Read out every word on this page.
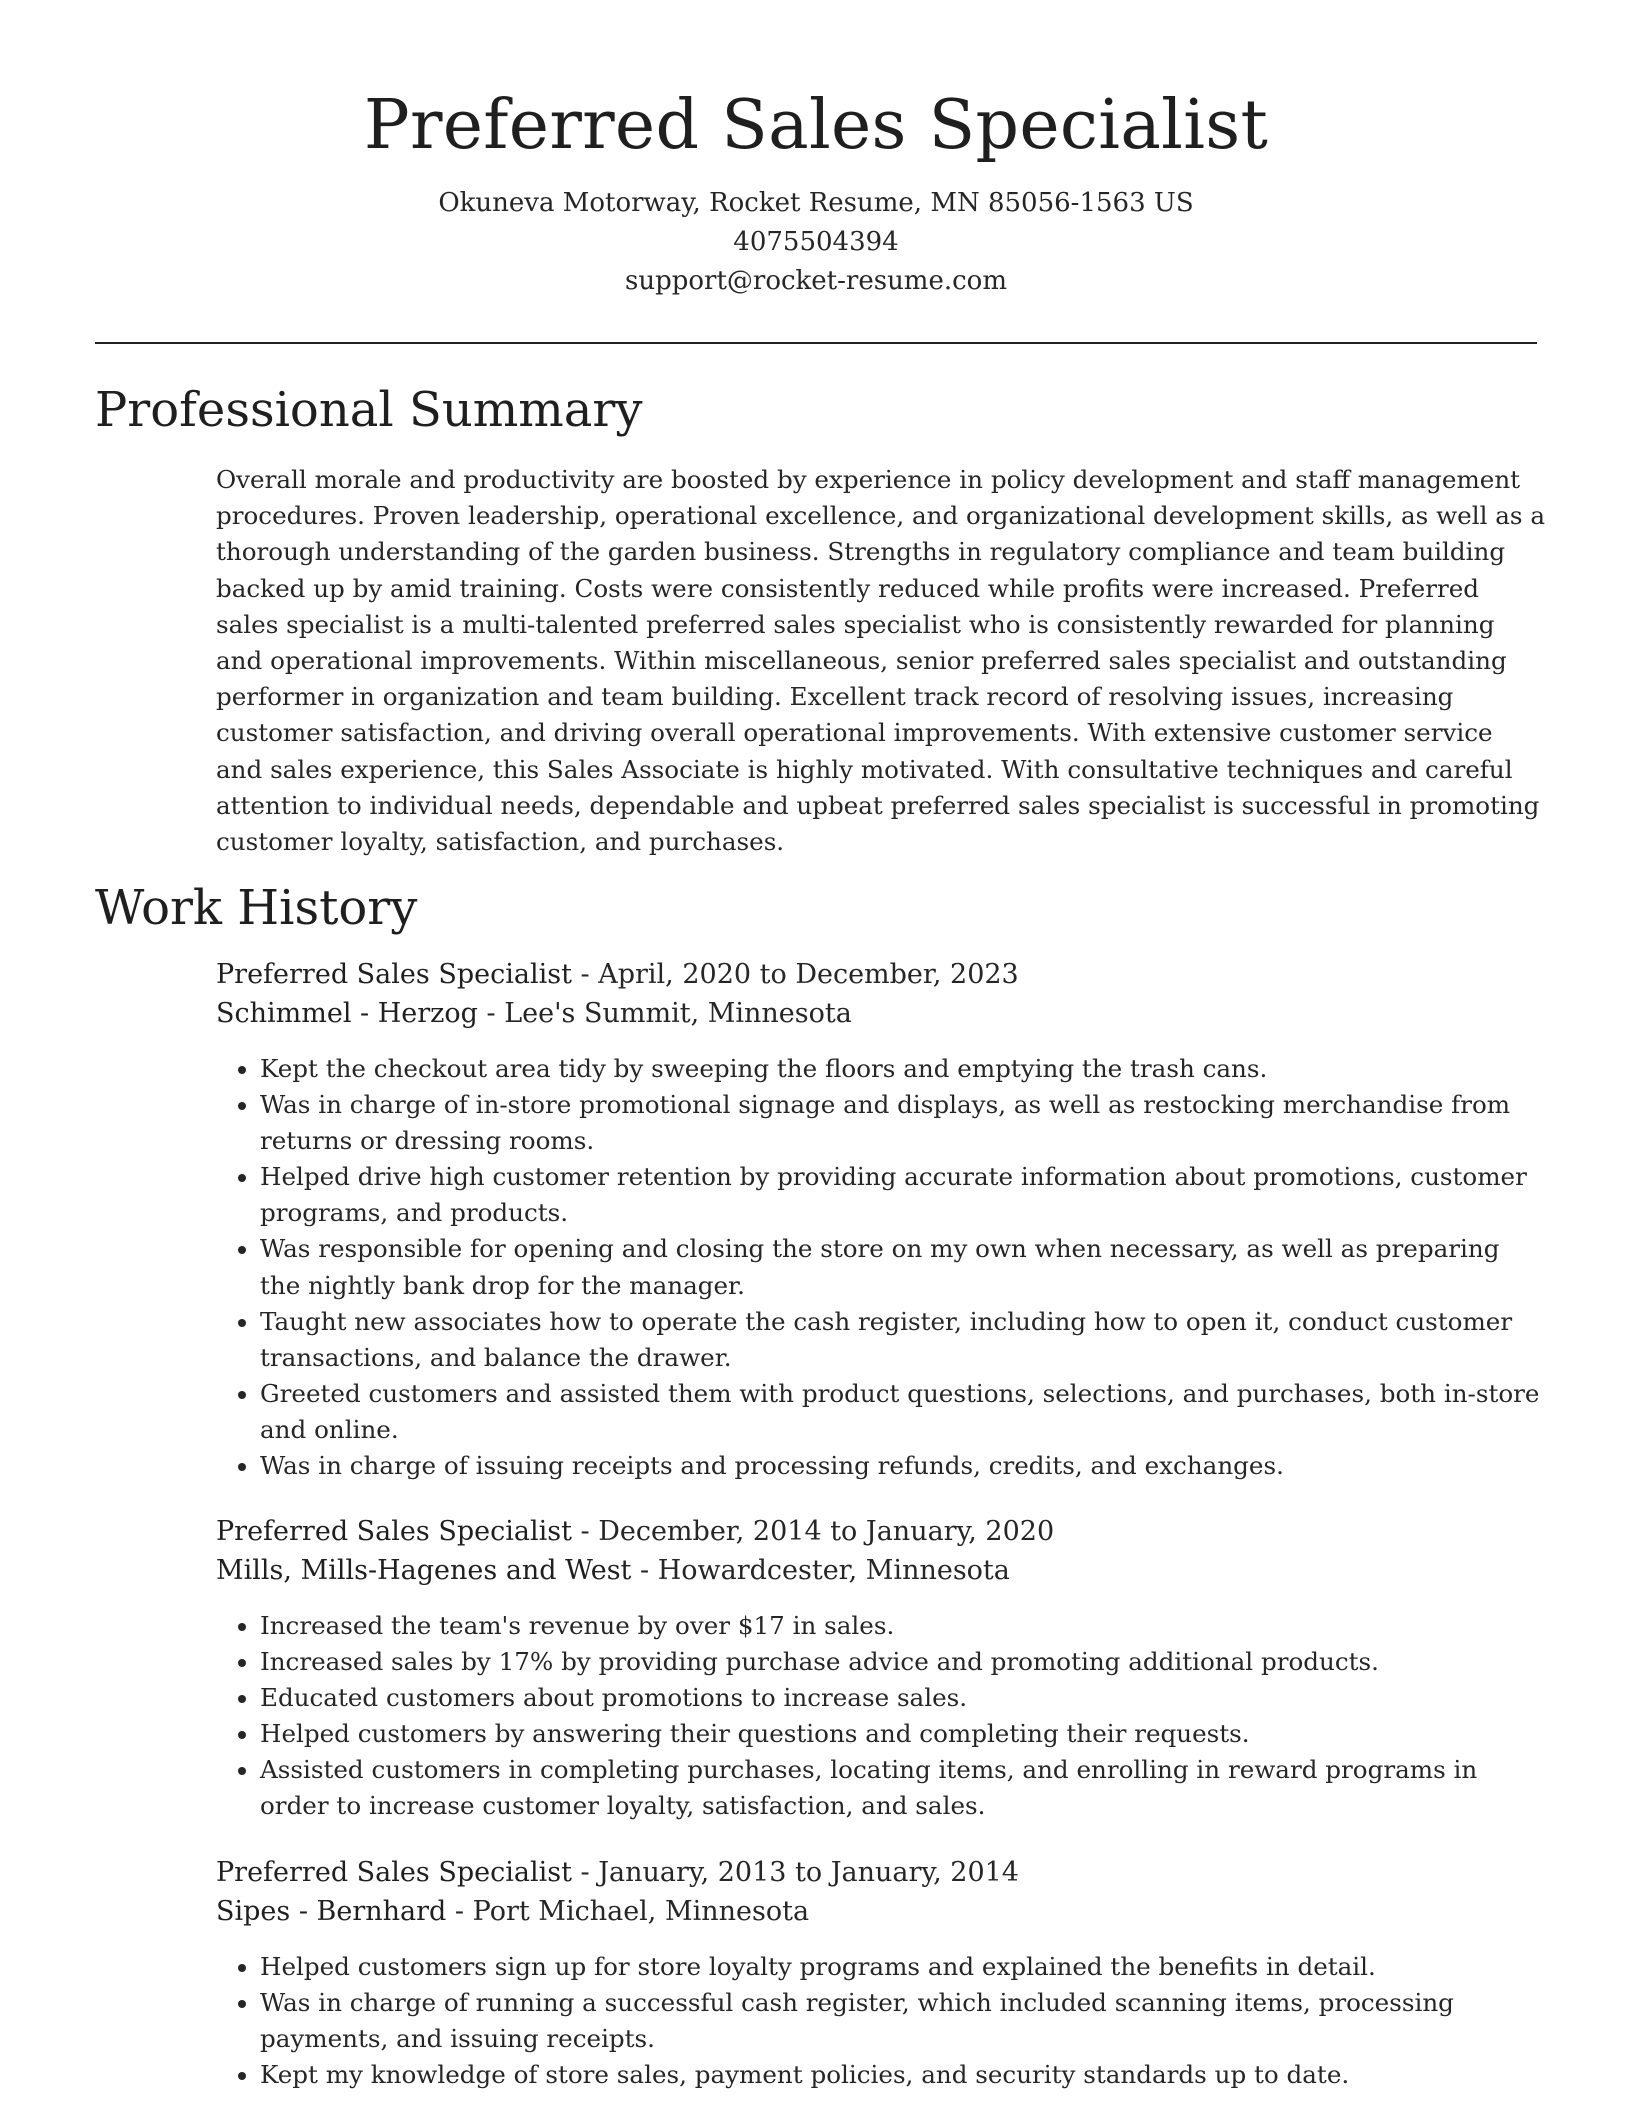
Preferred Sales Specialist
Okuneva Motorway, Rocket Resume, MN 85056-1563 US
4075504394
support@rocket-resume.com
Professional Summary

Overall morale and productivity are boosted by experience in policy development and staff management procedures. Proven leadership, operational excellence, and organizational development skills, as well as a thorough understanding of the garden business. Strengths in regulatory compliance and team building backed up by amid training. Costs were consistently reduced while profits were increased. Preferred sales specialist is a multi-talented preferred sales specialist who is consistently rewarded for planning and operational improvements. Within miscellaneous, senior preferred sales specialist and outstanding performer in organization and team building. Excellent track record of resolving issues, increasing customer satisfaction, and driving overall operational improvements. With extensive customer service and sales experience, this Sales Associate is highly motivated. With consultative techniques and careful attention to individual needs, dependable and upbeat preferred sales specialist is successful in promoting customer loyalty, satisfaction, and purchases.

Work History
Preferred Sales Specialist - April, 2020 to December, 2023
Schimmel - Herzog - Lee's Summit, Minnesota
• Kept the checkout area tidy by sweeping the floors and emptying the trash cans.
• Was in charge of in-store promotional signage and displays, as well as restocking merchandise from returns or dressing rooms.
• Helped drive high customer retention by providing accurate information about promotions, customer programs, and products.
• Was responsible for opening and closing the store on my own when necessary, as well as preparing the nightly bank drop for the manager.
• Taught new associates how to operate the cash register, including how to open it, conduct customer transactions, and balance the drawer.
• Greeted customers and assisted them with product questions, selections, and purchases, both in-store and online.
• Was in charge of issuing receipts and processing refunds, credits, and exchanges.
Preferred Sales Specialist - December, 2014 to January, 2020
Mills, Mills-Hagenes and West - Howardcester, Minnesota
• Increased the team's revenue by over $17 in sales.
• Increased sales by 17% by providing purchase advice and promoting additional products.
• Educated customers about promotions to increase sales.
• Helped customers by answering their questions and completing their requests.
• Assisted customers in completing purchases, locating items, and enrolling in reward programs in order to increase customer loyalty, satisfaction, and sales.
Preferred Sales Specialist - January, 2013 to January, 2014
Sipes - Bernhard - Port Michael, Minnesota
• Helped customers sign up for store loyalty programs and explained the benefits in detail.
• Was in charge of running a successful cash register, which included scanning items, processing payments, and issuing receipts.
• Kept my knowledge of store sales, payment policies, and security standards up to date.
